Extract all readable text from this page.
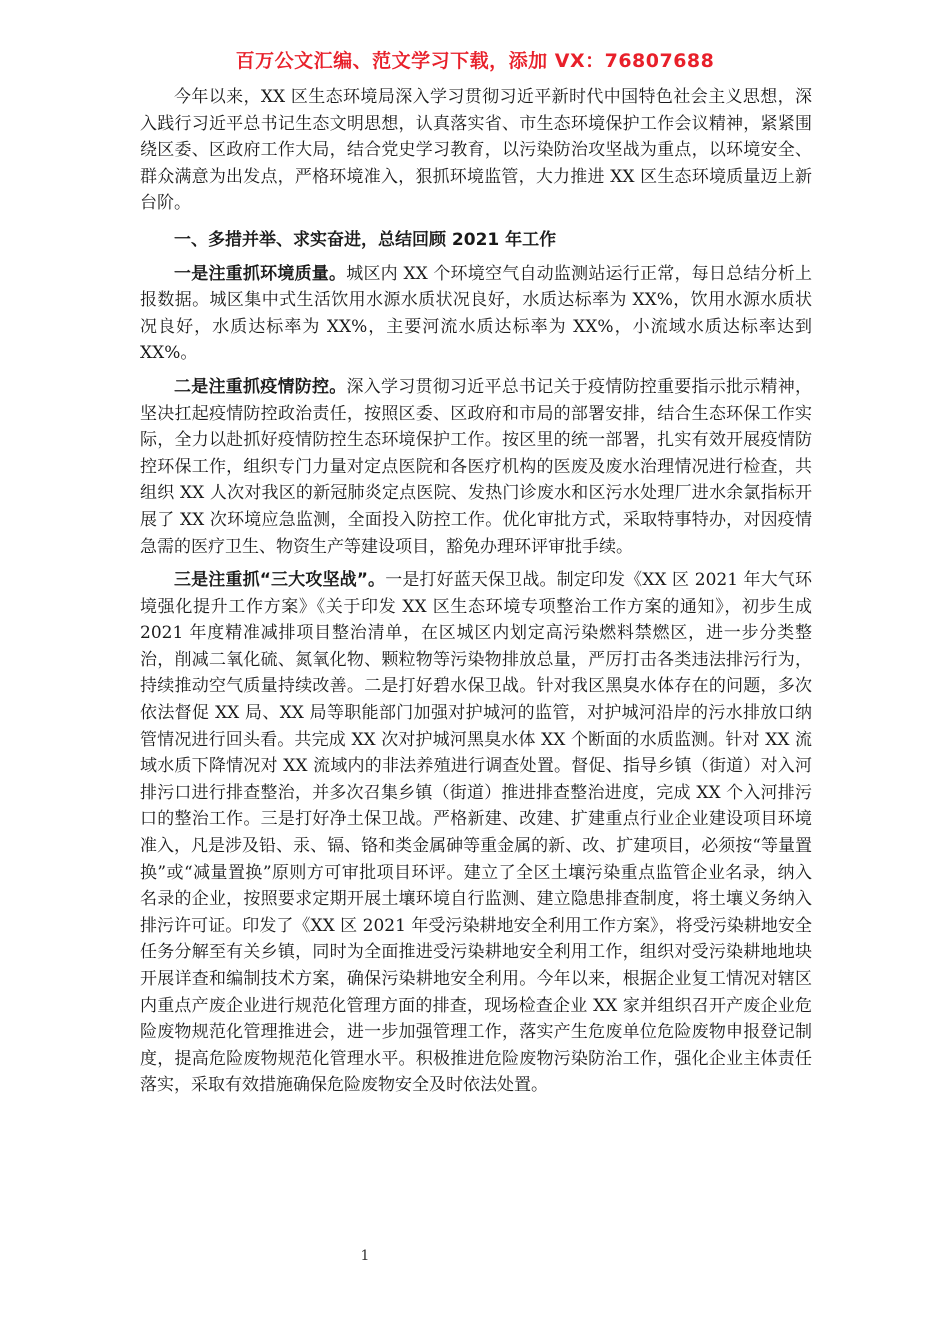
百万公文汇编、范文学习下载，添加 VX：76807688

今年以来，XX 区生态环境局深入学习贯彻习近平新时代中国特色社会主义思想，深入践行习近平总书记生态文明思想，认真落实省、市生态环境保护工作会议精神，紧紧围绕区委、区政府工作大局，结合党史学习教育，以污染防治攻坚战为重点，以环境安全、群众满意为出发点，严格环境准入，狠抓环境监管，大力推进 XX 区生态环境质量迈上新台阶。

一、多措并举、求实奋进，总结回顾 2021 年工作

一是注重抓环境质量。城区内 XX 个环境空气自动监测站运行正常，每日总结分析上报数据。城区集中式生活饮用水源水质状况良好，水质达标率为 XX%，饮用水源水质状况良好，水质达标率为 XX%，主要河流水质达标率为 XX%，小流域水质达标率达到 XX%。

二是注重抓疫情防控。深入学习贯彻习近平总书记关于疫情防控重要指示批示精神，坚决扛起疫情防控政治责任，按照区委、区政府和市局的部署安排，结合生态环保工作实际，全力以赴抓好疫情防控生态环境保护工作。按区里的统一部署，扎实有效开展疫情防控环保工作，组织专门力量对定点医院和各医疗机构的医废及废水治理情况进行检查，共组织 XX 人次对我区的新冠肺炎定点医院、发热门诊废水和区污水处理厂进水余氯指标开展了 XX 次环境应急监测，全面投入防控工作。优化审批方式，采取特事特办，对因疫情急需的医疗卫生、物资生产等建设项目，豁免办理环评审批手续。

三是注重抓“三大攻坚战”。一是打好蓝天保卫战。制定印发《XX 区 2021 年大气环境强化提升工作方案》《关于印发 XX 区生态环境专项整治工作方案的通知》，初步生成 2021 年度精准减排项目整治清单，在区城区内划定高污染燃料禁燃区，进一步分类整治，削减二氧化硫、氮氧化物、颗粒物等污染物排放总量，严厉打击各类违法排污行为，持续推动空气质量持续改善。二是打好碧水保卫战。针对我区黑臭水体存在的问题，多次依法督促 XX 局、XX 局等职能部门加强对护城河的监管，对护城河沿岸的污水排放口纳管情况进行回头看。共完成 XX 次对护城河黑臭水体 XX 个断面的水质监测。针对 XX 流域水质下降情况对 XX 流域内的非法养殖进行调查处置。督促、指导乡镇（街道）对入河排污口进行排查整治，并多次召集乡镇（街道）推进排查整治进度，完成 XX 个入河排污口的整治工作。三是打好净土保卫战。严格新建、改建、扩建重点行业企业建设项目环境准入，凡是涉及铅、汞、镉、铬和类金属砷等重金属的新、改、扩建项目，必须按“等量置换”或“减量置换”原则方可审批项目环评。建立了全区土壤污染重点监管企业名录，纳入名录的企业，按照要求定期开展土壤环境自行监测、建立隐患排查制度，将土壤义务纳入排污许可证。印发了《XX 区 2021 年受污染耕地安全利用工作方案》，将受污染耕地安全任务分解至有关乡镇，同时为全面推进受污染耕地安全利用工作，组织对受污染耕地地块开展详查和编制技术方案，确保污染耕地安全利用。今年以来，根据企业复工情况对辖区内重点产废企业进行规范化管理方面的排查，现场检查企业 XX 家并组织召开产废企业危险废物规范化管理推进会，进一步加强管理工作，落实产生危废单位危险废物申报登记制度，提高危险废物规范化管理水平。积极推进危险废物污染防治工作，强化企业主体责任落实，采取有效措施确保危险废物安全及时依法处置。

1
